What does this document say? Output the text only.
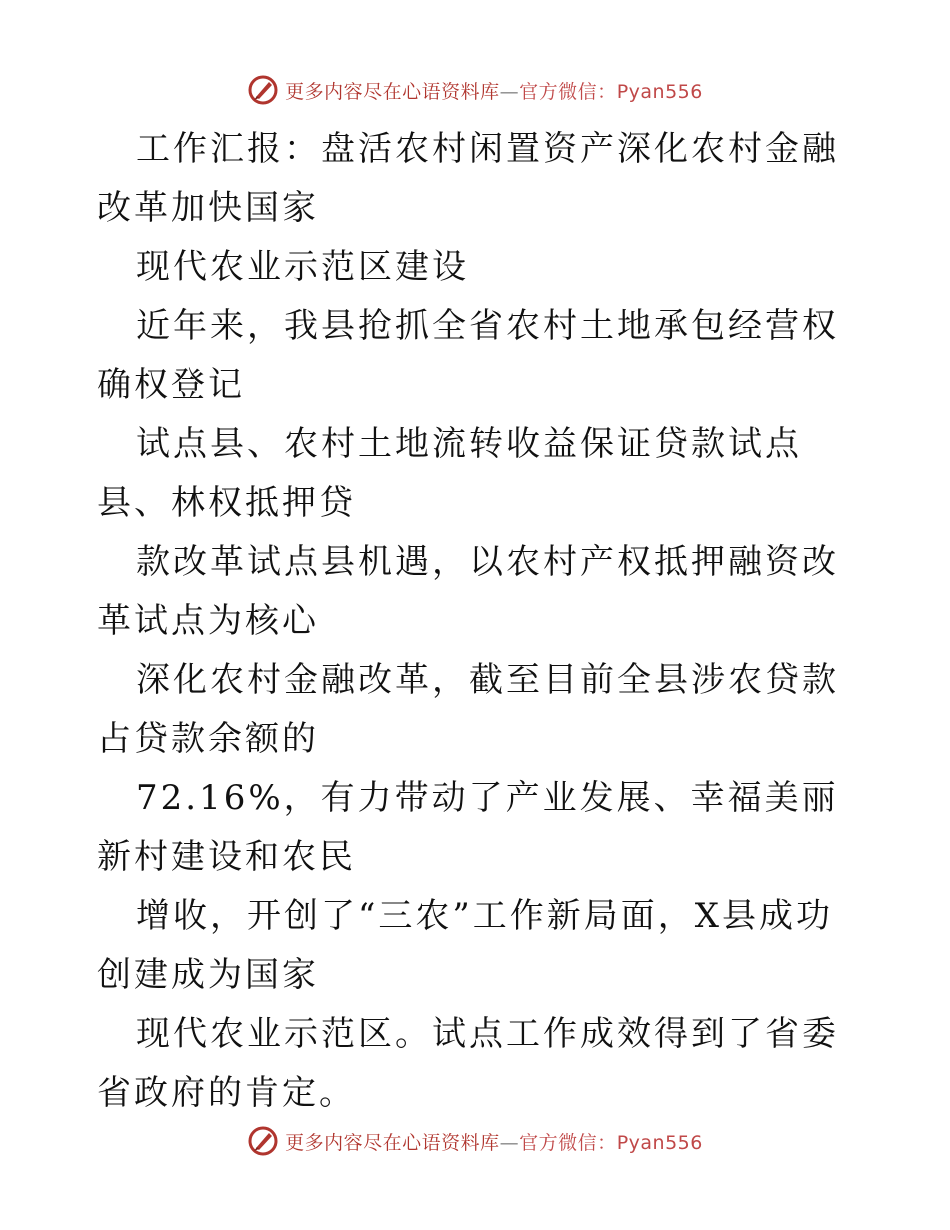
更多内容尽在心语资料库—官方微信：Pyan556

工作汇报：盘活农村闲置资产深化农村金融改革加快国家

现代农业示范区建设

近年来，我县抢抓全省农村土地承包经营权确权登记

试点县、农村土地流转收益保证贷款试点县、林权抵押贷

款改革试点县机遇，以农村产权抵押融资改革试点为核心

深化农村金融改革，截至目前全县涉农贷款占贷款余额的

72.16%，有力带动了产业发展、幸福美丽新村建设和农民

增收，开创了“三农”工作新局面，X县成功创建成为国家

现代农业示范区。试点工作成效得到了省委省政府的肯定。

更多内容尽在心语资料库—官方微信：Pyan556
